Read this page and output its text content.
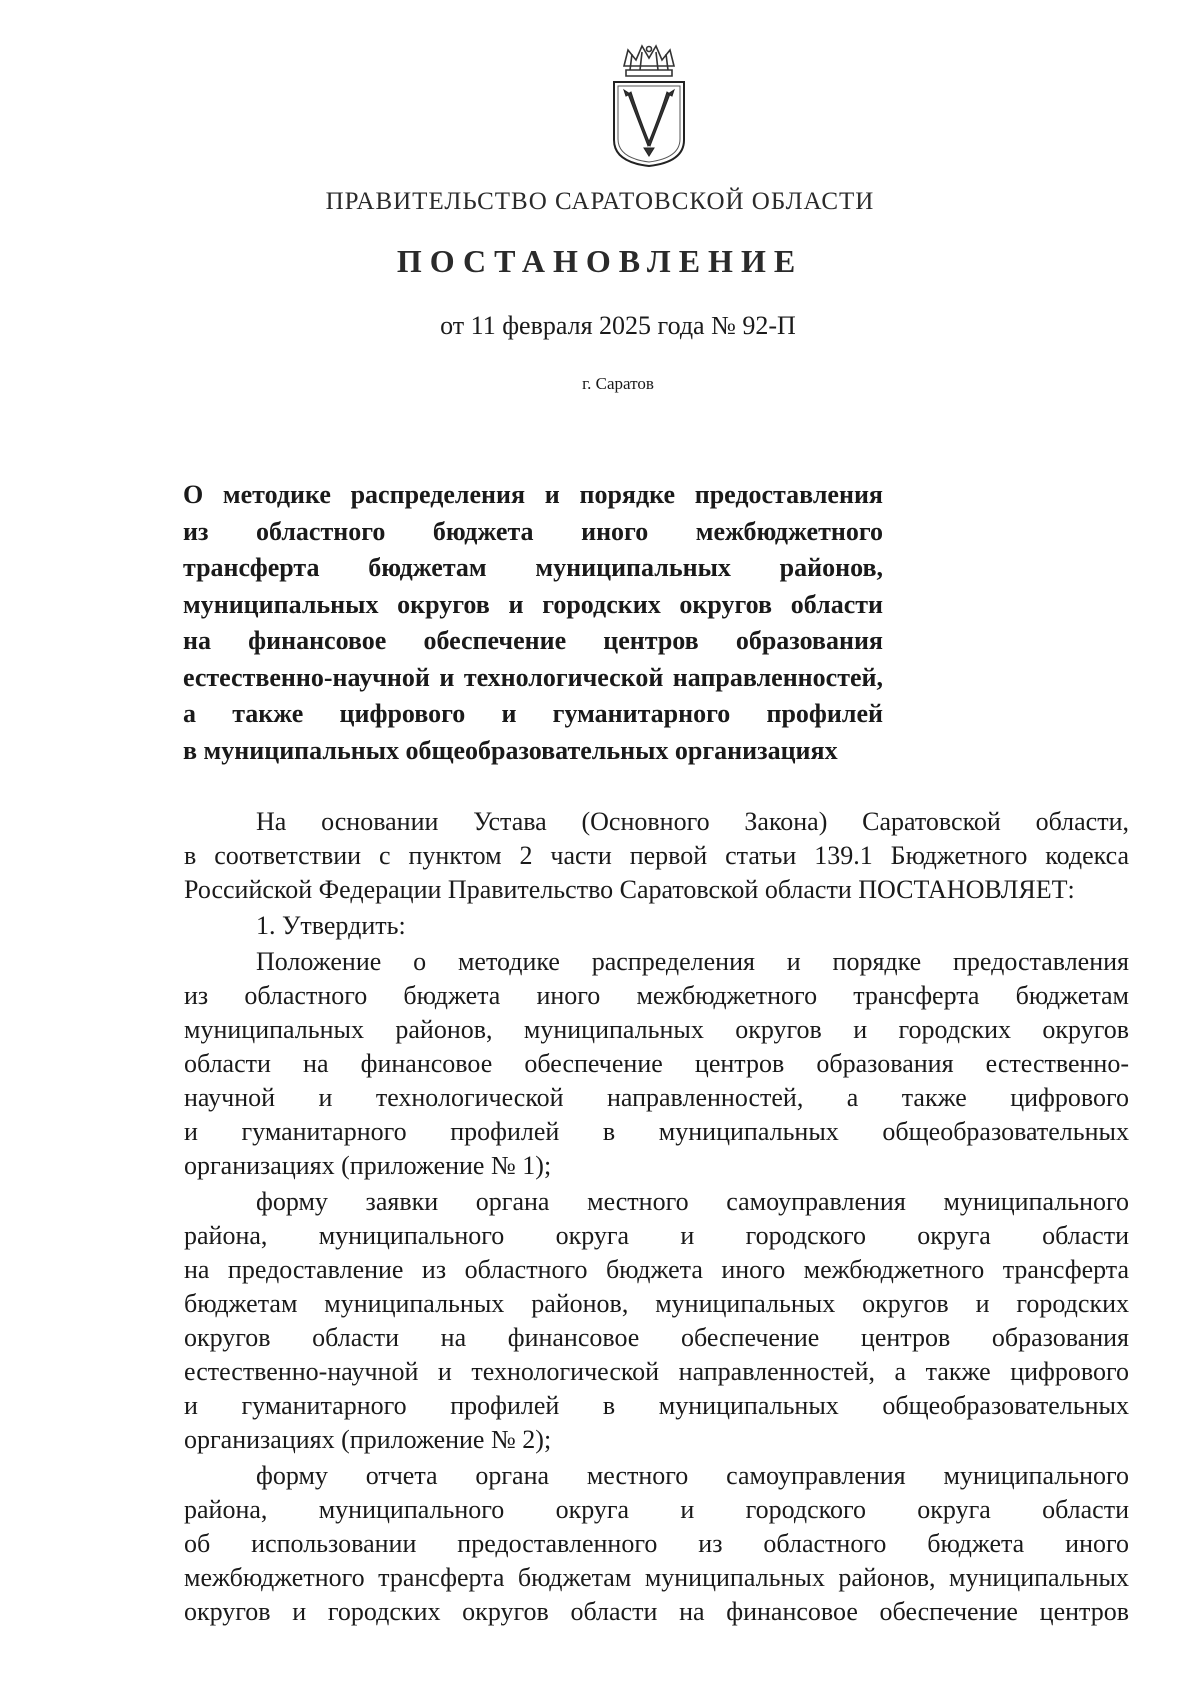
ПРАВИТЕЛЬСТВО САРАТОВСКОЙ ОБЛАСТИ
ПОСТАНОВЛЕНИЕ
от 11 февраля 2025 года № 92-П
г. Саратов
О методике распределения и порядке предоставления
из областного бюджета иного межбюджетного
трансферта бюджетам муниципальных районов,
муниципальных округов и городских округов области
на финансовое обеспечение центров образования
естественно-научной и технологической направленностей,
а также цифрового и гуманитарного профилей
в муниципальных общеобразовательных организациях
На основании Устава (Основного Закона) Саратовской области,
в соответствии с пунктом 2 части первой статьи 139.1 Бюджетного кодекса
Российской Федерации Правительство Саратовской области ПОСТАНОВЛЯЕТ:
1. Утвердить:
Положение о методике распределения и порядке предоставления
из областного бюджета иного межбюджетного трансферта бюджетам
муниципальных районов, муниципальных округов и городских округов
области на финансовое обеспечение центров образования естественно-
научной и технологической направленностей, а также цифрового
и гуманитарного профилей в муниципальных общеобразовательных
организациях (приложение № 1);
форму заявки органа местного самоуправления муниципального
района, муниципального округа и городского округа области
на предоставление из областного бюджета иного межбюджетного трансферта
бюджетам муниципальных районов, муниципальных округов и городских
округов области на финансовое обеспечение центров образования
естественно-научной и технологической направленностей, а также цифрового
и гуманитарного профилей в муниципальных общеобразовательных
организациях (приложение № 2);
форму отчета органа местного самоуправления муниципального
района, муниципального округа и городского округа области
об использовании предоставленного из областного бюджета иного
межбюджетного трансферта бюджетам муниципальных районов, муниципальных
округов и городских округов области на финансовое обеспечение центров
